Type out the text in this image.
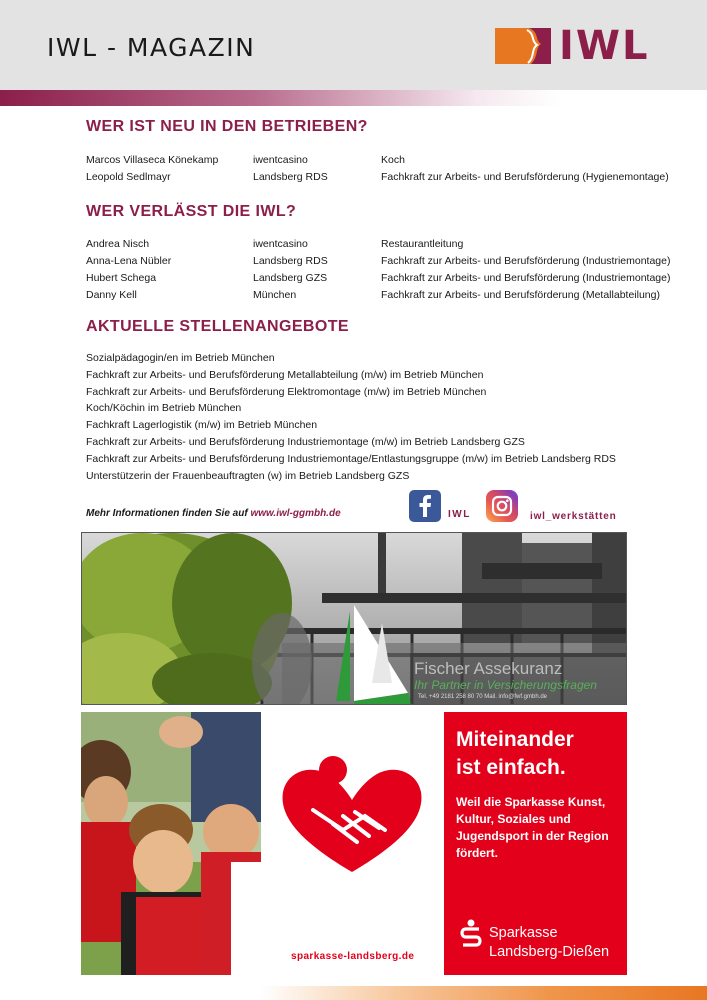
IWL - MAGAZIN	IWL
WER IST NEU IN DEN BETRIEBEN?
Marcos Villaseca Könekamp	iwentcasino	Koch
Leopold Sedlmayr	Landsberg RDS	Fachkraft zur Arbeits- und Berufsförderung (Hygienemontage)
WER VERLÄSST DIE IWL?
Andrea Nisch	iwentcasino	Restaurantleitung
Anna-Lena Nübler	Landsberg RDS	Fachkraft zur Arbeits- und Berufsförderung (Industriemontage)
Hubert Schega	Landsberg GZS	Fachkraft zur Arbeits- und Berufsförderung (Industriemontage)
Danny Kell	München	Fachkraft zur Arbeits- und Berufsförderung (Metallabteilung)
AKTUELLE STELLENANGEBOTE
Sozialpädagogin/en im Betrieb München
Fachkraft zur Arbeits- und Berufsförderung Metallabteilung (m/w) im Betrieb München
Fachkraft zur Arbeits- und Berufsförderung Elektromontage (m/w) im Betrieb München
Koch/Köchin im Betrieb München
Fachkraft Lagerlogistik (m/w) im Betrieb München
Fachkraft zur Arbeits- und Berufsförderung Industriemontage (m/w) im Betrieb Landsberg GZS
Fachkraft zur Arbeits- und Berufsförderung Industriemontage/Entlastungsgruppe (m/w) im Betrieb Landsberg RDS
Unterstützerin der Frauenbeauftragten (w) im Betrieb Landsberg GZS
Mehr Informationen finden Sie auf www.iwl-ggmbh.de	IWL	iwl_werkstätten
Fischer Assekuranz
Ihr Partner in Versicherungsfragen
Tel. +49 2181 258 80 70 Mail. info@fwf.gmbh.de
sparkasse-landsberg.de
Miteinander
ist einfach.
Weil die Sparkasse Kunst, Kultur, Soziales und Jugendsport in der Region fördert.
Sparkasse
Landsberg-Dießen
